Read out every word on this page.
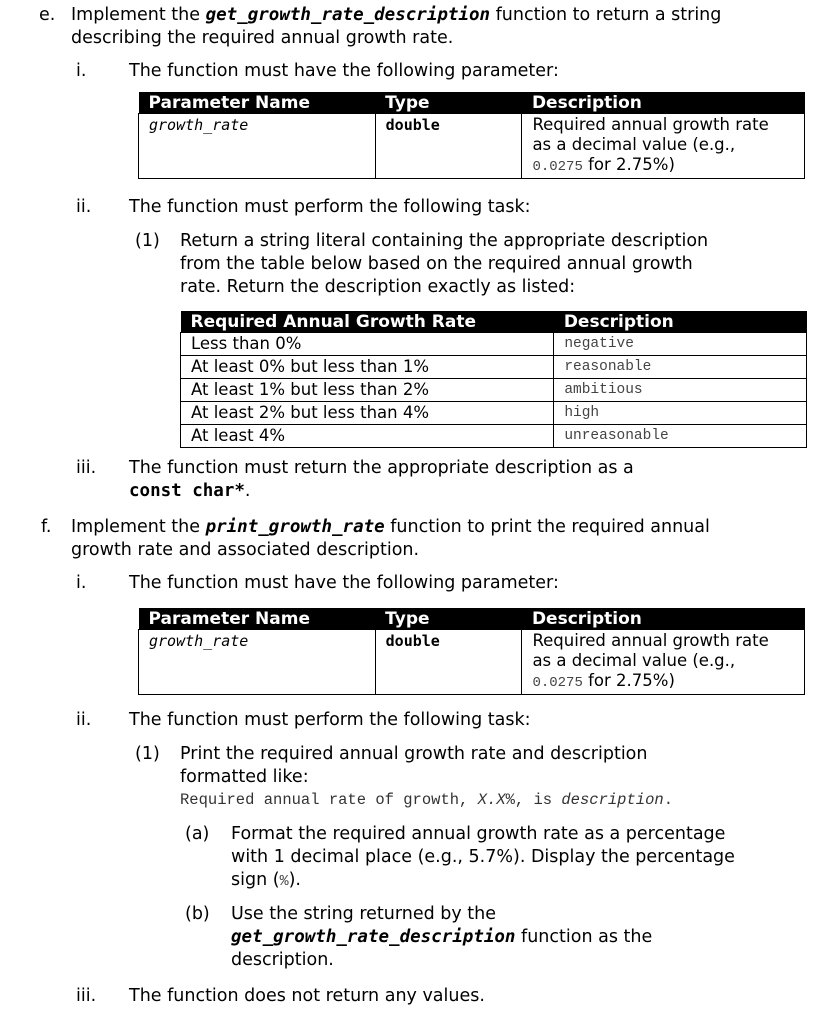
e. Implement the get_growth_rate_description function to return a string
describing the required annual growth rate.
i. The function must have the following parameter:
Parameter Name	Type	Description
growth_rate	double	Required annual growth rate
as a decimal value (e.g.,
0.0275 for 2.75%)
ii. The function must perform the following task:
(1) Return a string literal containing the appropriate description
from the table below based on the required annual growth
rate. Return the description exactly as listed:
Required Annual Growth Rate	Description
Less than 0%	negative
At least 0% but less than 1%	reasonable
At least 1% but less than 2%	ambitious
At least 2% but less than 4%	high
At least 4%	unreasonable
iii. The function must return the appropriate description as a
const char*.
f. Implement the print_growth_rate function to print the required annual
growth rate and associated description.
i. The function must have the following parameter:
Parameter Name	Type	Description
growth_rate	double	Required annual growth rate
as a decimal value (e.g.,
0.0275 for 2.75%)
ii. The function must perform the following task:
(1) Print the required annual growth rate and description
formatted like:
Required annual rate of growth, X.X%, is description.
(a) Format the required annual growth rate as a percentage
with 1 decimal place (e.g., 5.7%). Display the percentage
sign (%).
(b) Use the string returned by the
get_growth_rate_description function as the
description.
iii. The function does not return any values.
